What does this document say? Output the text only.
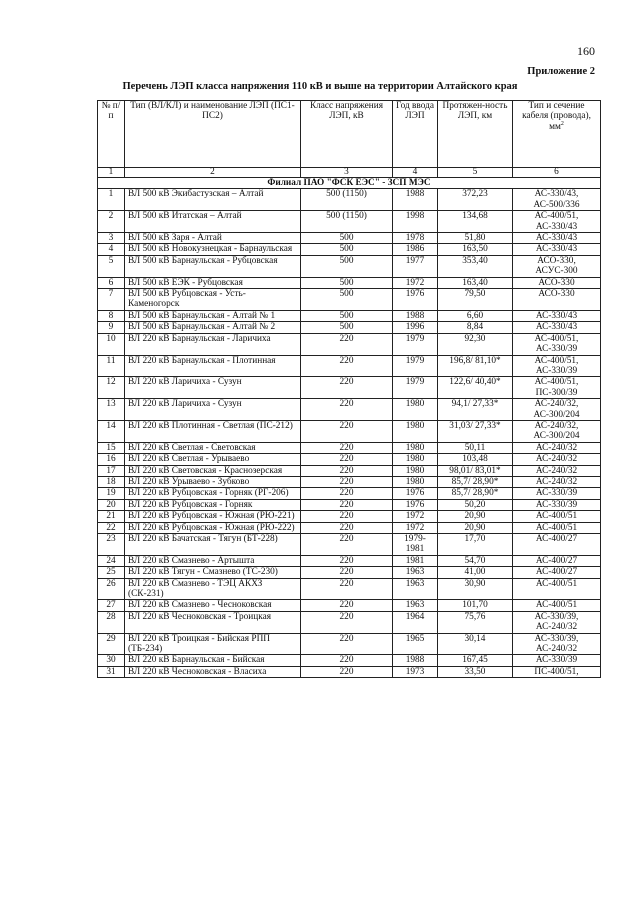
160
Приложение 2
Перечень ЛЭП класса напряжения 110 кВ и выше на территории Алтайского края
№ п/п	Тип (ВЛ/КЛ) и наименование ЛЭП (ПС1-ПС2)	Класс напряжения ЛЭП, кВ	Год ввода ЛЭП	Протяжен-ность ЛЭП, км	Тип и сечение кабеля (провода), $мм^2$
1	2	3	4	5	6
Филиал ПАО "ФСК ЕЭС" - ЗСП МЭС					
1	ВЛ 500 кВ Экибастузская – Алтай	500 (1150)	1988	372,23	АС-330/43, АС-500/336
2	ВЛ 500 кВ Итатская – Алтай	500 (1150)	1998	134,68	АС-400/51, АС-330/43
3	ВЛ 500 кВ Заря - Алтай	500	1978	51,80	АС-330/43
4	ВЛ 500 кВ Новокузнецкая - Барнаульская	500	1986	163,50	АС-330/43
5	ВЛ 500 кВ Барнаульская - Рубцовская	500	1977	353,40	АСО-330, АСУС-300
6	ВЛ 500 кВ ЕЭК - Рубцовская	500	1972	163,40	АСО-330
7	ВЛ 500 кВ Рубцовская - Усть-Каменогорск	500	1976	79,50	АСО-330
8	ВЛ 500 кВ Барнаульская - Алтай № 1	500	1988	6,60	АС-330/43
9	ВЛ 500 кВ Барнаульская - Алтай № 2	500	1996	8,84	АС-330/43
10	ВЛ 220 кВ Барнаульская - Ларичиха	220	1979	92,30	АС-400/51, АС-330/39
11	ВЛ 220 кВ Барнаульская - Плотинная	220	1979	196,8/ 81,10*	АС-400/51, АС-330/39
12	ВЛ 220 кВ Ларичиха - Сузун	220	1979	122,6/ 40,40*	АС-400/51, ПС-300/39
13	ВЛ 220 кВ Ларичиха - Сузун	220	1980	94,1/ 27,33*	АС-240/32, АС-300/204
14	ВЛ 220 кВ Плотинная - Светлая (ПС-212)	220	1980	31,03/ 27,33*	АС-240/32, АС-300/204
15	ВЛ 220 кВ Светлая - Световская	220	1980	50,11	АС-240/32
16	ВЛ 220 кВ Светлая - Урываево	220	1980	103,48	АС-240/32
17	ВЛ 220 кВ Световская - Краснозерская	220	1980	98,01/ 83,01*	АС-240/32
18	ВЛ 220 кВ Урываево - Зубково	220	1980	85,7/ 28,90*	АС-240/32
19	ВЛ 220 кВ Рубцовская - Горняк (РГ-206)	220	1976	85,7/ 28,90*	АС-330/39
20	ВЛ 220 кВ Рубцовская - Горняк	220	1976	50,20	АС-330/39
21	ВЛ 220 кВ Рубцовская - Южная (РЮ-221)	220	1972	20,90	АС-400/51
22	ВЛ 220 кВ Рубцовская - Южная (РЮ-222)	220	1972	20,90	АС-400/51
23	ВЛ 220 кВ Бачатская - Тягун (БТ-228)	220	1979-1981	17,70	АС-400/27
24	ВЛ 220 кВ Смазнево - Артышта	220	1981	54,70	АС-400/27
25	ВЛ 220 кВ Тягун - Смазнево (ТС-230)	220	1963	41,00	АС-400/27
26	ВЛ 220 кВ Смазнево - ТЭЦ АКХЗ (СК-231)	220	1963	30,90	АС-400/51
27	ВЛ 220 кВ Смазнево - Чесноковская	220	1963	101,70	АС-400/51
28	ВЛ 220 кВ Чесноковская - Троицкая	220	1964	75,76	АС-330/39, АС-240/32
29	ВЛ 220 кВ Троицкая - Бийская РПП (ТБ-234)	220	1965	30,14	АС-330/39, АС-240/32
30	ВЛ 220 кВ Барнаульская - Бийская	220	1988	167,45	АС-330/39
31	ВЛ 220 кВ Чесноковская - Власиха	220	1973	33,50	ПС-400/51,
